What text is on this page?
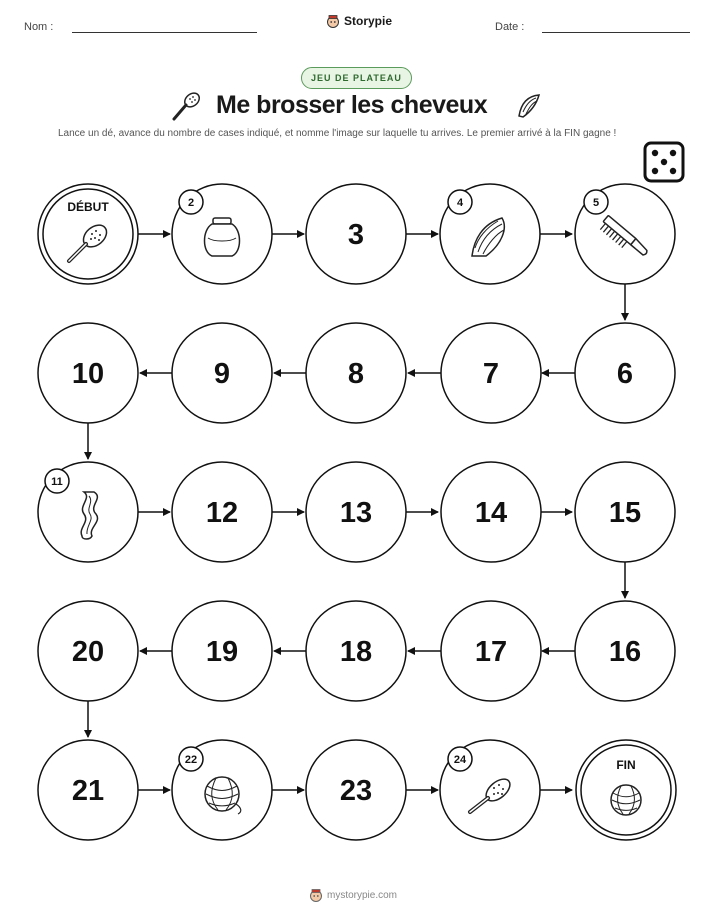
Nom :	Storypie	Date :
JEU DE PLATEAU
Me brosser les cheveux
Lance un dé, avance du nombre de cases indiqué, et nomme l'image sur laquelle tu arrives. Le premier arrivé à la FIN gagne !
DÉBUT	2
3
4	5
6
7
8
9
10
11
12	13	14	15
16
17
18
19
20
21
22
23
24	FIN
mystorypie.com
